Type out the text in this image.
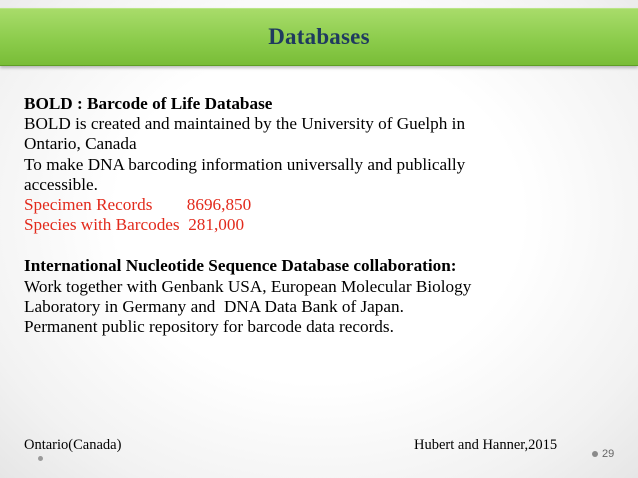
Databases
BOLD : Barcode of Life Database
BOLD is created and maintained by the University of Guelph in
Ontario, Canada
To make DNA barcoding information universally and publically
accessible.
Specimen Records        8696,850
Species with Barcodes  281,000
International Nucleotide Sequence Database collaboration:
Work together with Genbank USA, European Molecular Biology
Laboratory in Germany and  DNA Data Bank of Japan.
Permanent public repository for barcode data records.
Ontario(Canada)	Hubert and Hanner,2015
29
